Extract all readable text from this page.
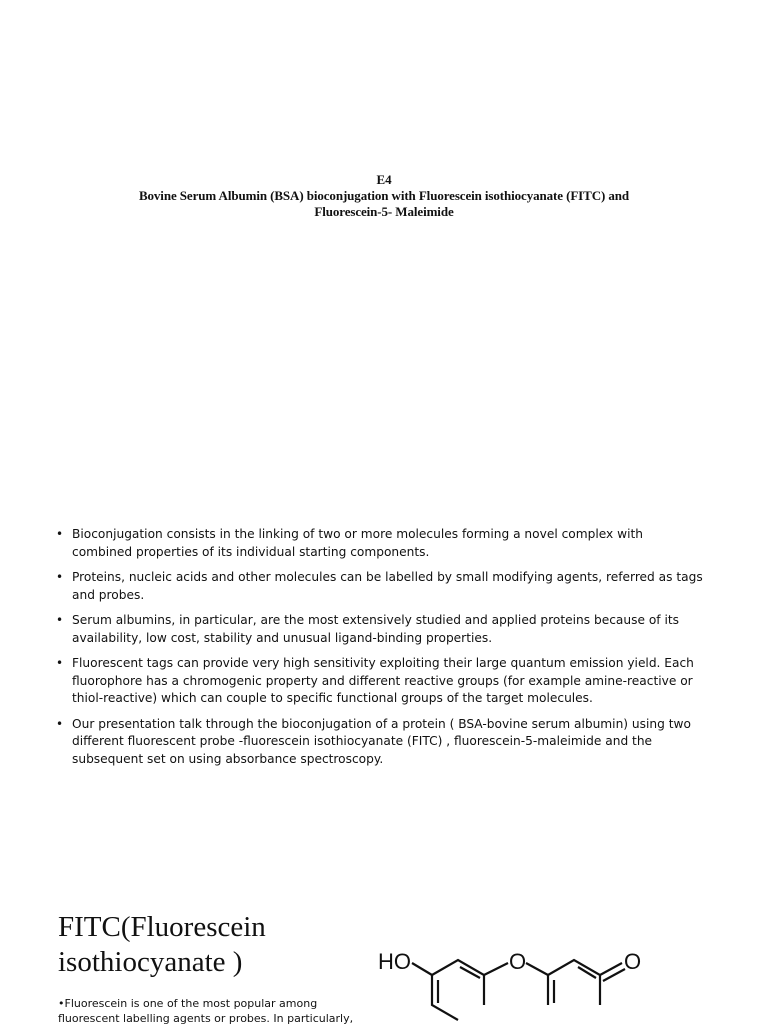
E4
Bovine Serum Albumin (BSA) bioconjugation with Fluorescein isothiocyanate (FITC) and
Fluorescein-5- Maleimide
• Bioconjugation consists in the linking of two or more molecules forming a novel complex with combined properties of its individual starting components.
• Proteins, nucleic acids and other molecules can be labelled by small modifying agents, referred as tags and probes.
• Serum albumins, in particular, are the most extensively studied and applied proteins because of its availability, low cost, stability and unusual ligand-binding properties.
• Fluorescent tags can provide very high sensitivity exploiting their large quantum emission yield. Each fluorophore has a chromogenic property and different reactive groups (for example amine-reactive or thiol-reactive) which can couple to specific functional groups of the target molecules.
• Our presentation talk through the bioconjugation of a protein ( BSA-bovine serum albumin) using two different fluorescent probe -fluorescein isothiocyanate (FITC) , fluorescein-5-maleimide and the subsequent set on using absorbance spectroscopy.
FITC(Fluorescein isothiocyanate )
•Fluorescein is one of the most popular among fluorescent labelling agents or probes. In particularly,
HO	O	O
